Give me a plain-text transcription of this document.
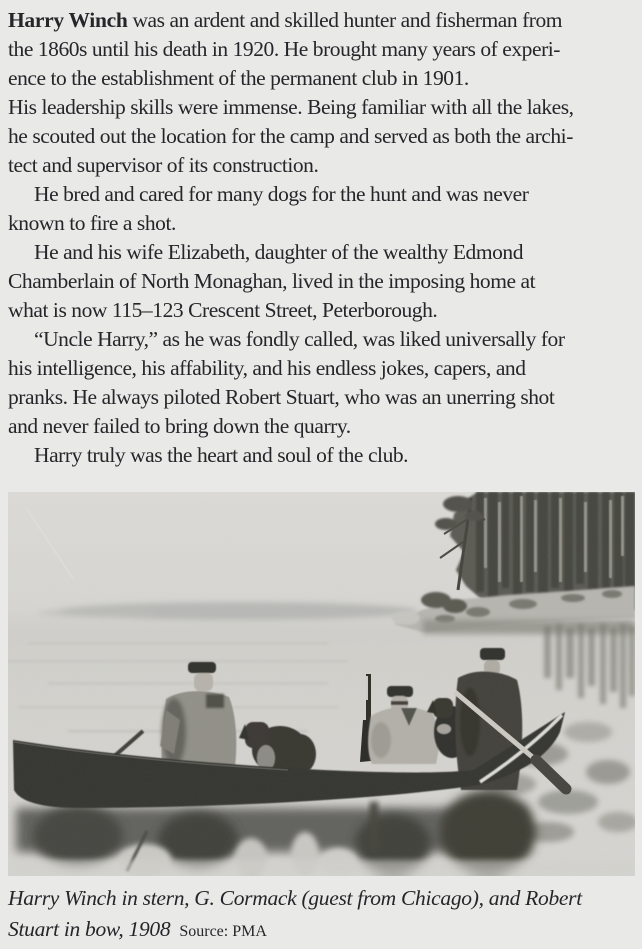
Harry Winch was an ardent and skilled hunter and fisherman from
the 1860s until his death in 1920. He brought many years of experi-
ence to the establishment of the permanent club in 1901.
His leadership skills were immense. Being familiar with all the lakes,
he scouted out the location for the camp and served as both the archi-
tect and supervisor of its construction.
He bred and cared for many dogs for the hunt and was never
known to fire a shot.
He and his wife Elizabeth, daughter of the wealthy Edmond
Chamberlain of North Monaghan, lived in the imposing home at
what is now 115–123 Crescent Street, Peterborough.
“Uncle Harry,” as he was fondly called, was liked universally for
his intelligence, his affability, and his endless jokes, capers, and
pranks. He always piloted Robert Stuart, who was an unerring shot
and never failed to bring down the quarry.
Harry truly was the heart and soul of the club.
Harry Winch in stern, G. Cormack (guest from Chicago), and Robert
Stuart in bow, 1908 Source: PMA
